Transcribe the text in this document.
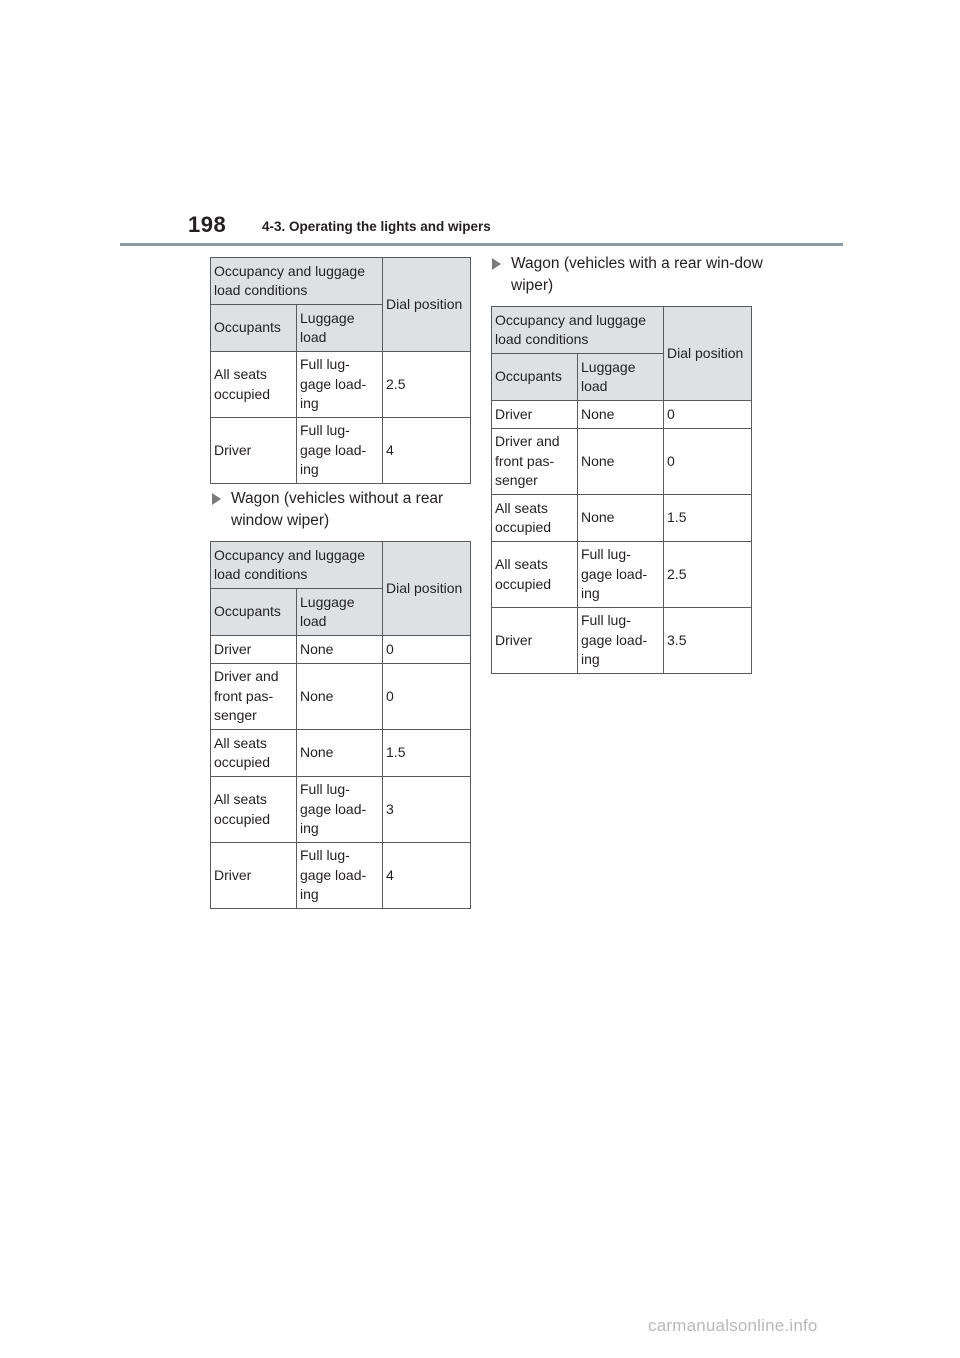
198	4-3. Operating the lights and wipers
Occupancy and luggage load conditions		Dial position
Occupants	Luggage load	
All seats occupied	Full lug-gage load-ing	2.5
Driver	Full lug-gage load-ing	4
Wagon (vehicles without a rear window wiper)
Occupancy and luggage load conditions		Dial position
Occupants	Luggage load	
Driver	None	0
Driver and front pas-senger	None	0
All seats occupied	None	1.5
All seats occupied	Full lug-gage load-ing	3
Driver	Full lug-gage load-ing	4
Wagon (vehicles with a rear win-dow wiper)
Occupancy and luggage load conditions		Dial position
Occupants	Luggage load	
Driver	None	0
Driver and front pas-senger	None	0
All seats occupied	None	1.5
All seats occupied	Full lug-gage load-ing	2.5
Driver	Full lug-gage load-ing	3.5
carmanualsonline.info
